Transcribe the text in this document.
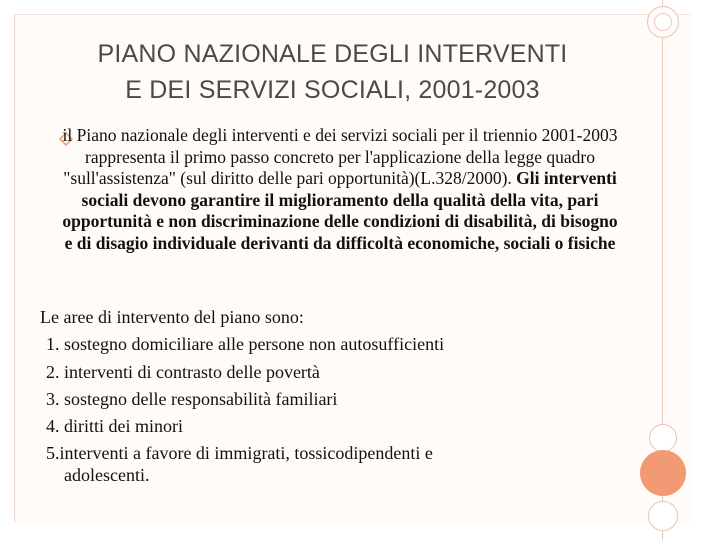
PIANO NAZIONALE DEGLI INTERVENTI
E DEI SERVIZI SOCIALI, 2001-2003

il Piano nazionale degli interventi e dei servizi sociali per il triennio 2001-2003 rappresenta il primo passo concreto per l'applicazione della legge quadro "sull'assistenza" (sul diritto delle pari opportunità)(L.328/2000). Gli interventi sociali devono garantire il miglioramento della qualità della vita, pari opportunità e non discriminazione delle condizioni di disabilità, di bisogno e di disagio individuale derivanti da difficoltà economiche, sociali o fisiche

Le aree di intervento del piano sono:
1. sostegno domiciliare alle persone non autosufficienti
2. interventi di contrasto delle povertà
3. sostegno delle responsabilità familiari
4. diritti dei minori
5.interventi a favore di immigrati, tossicodipendenti e
adolescenti.
